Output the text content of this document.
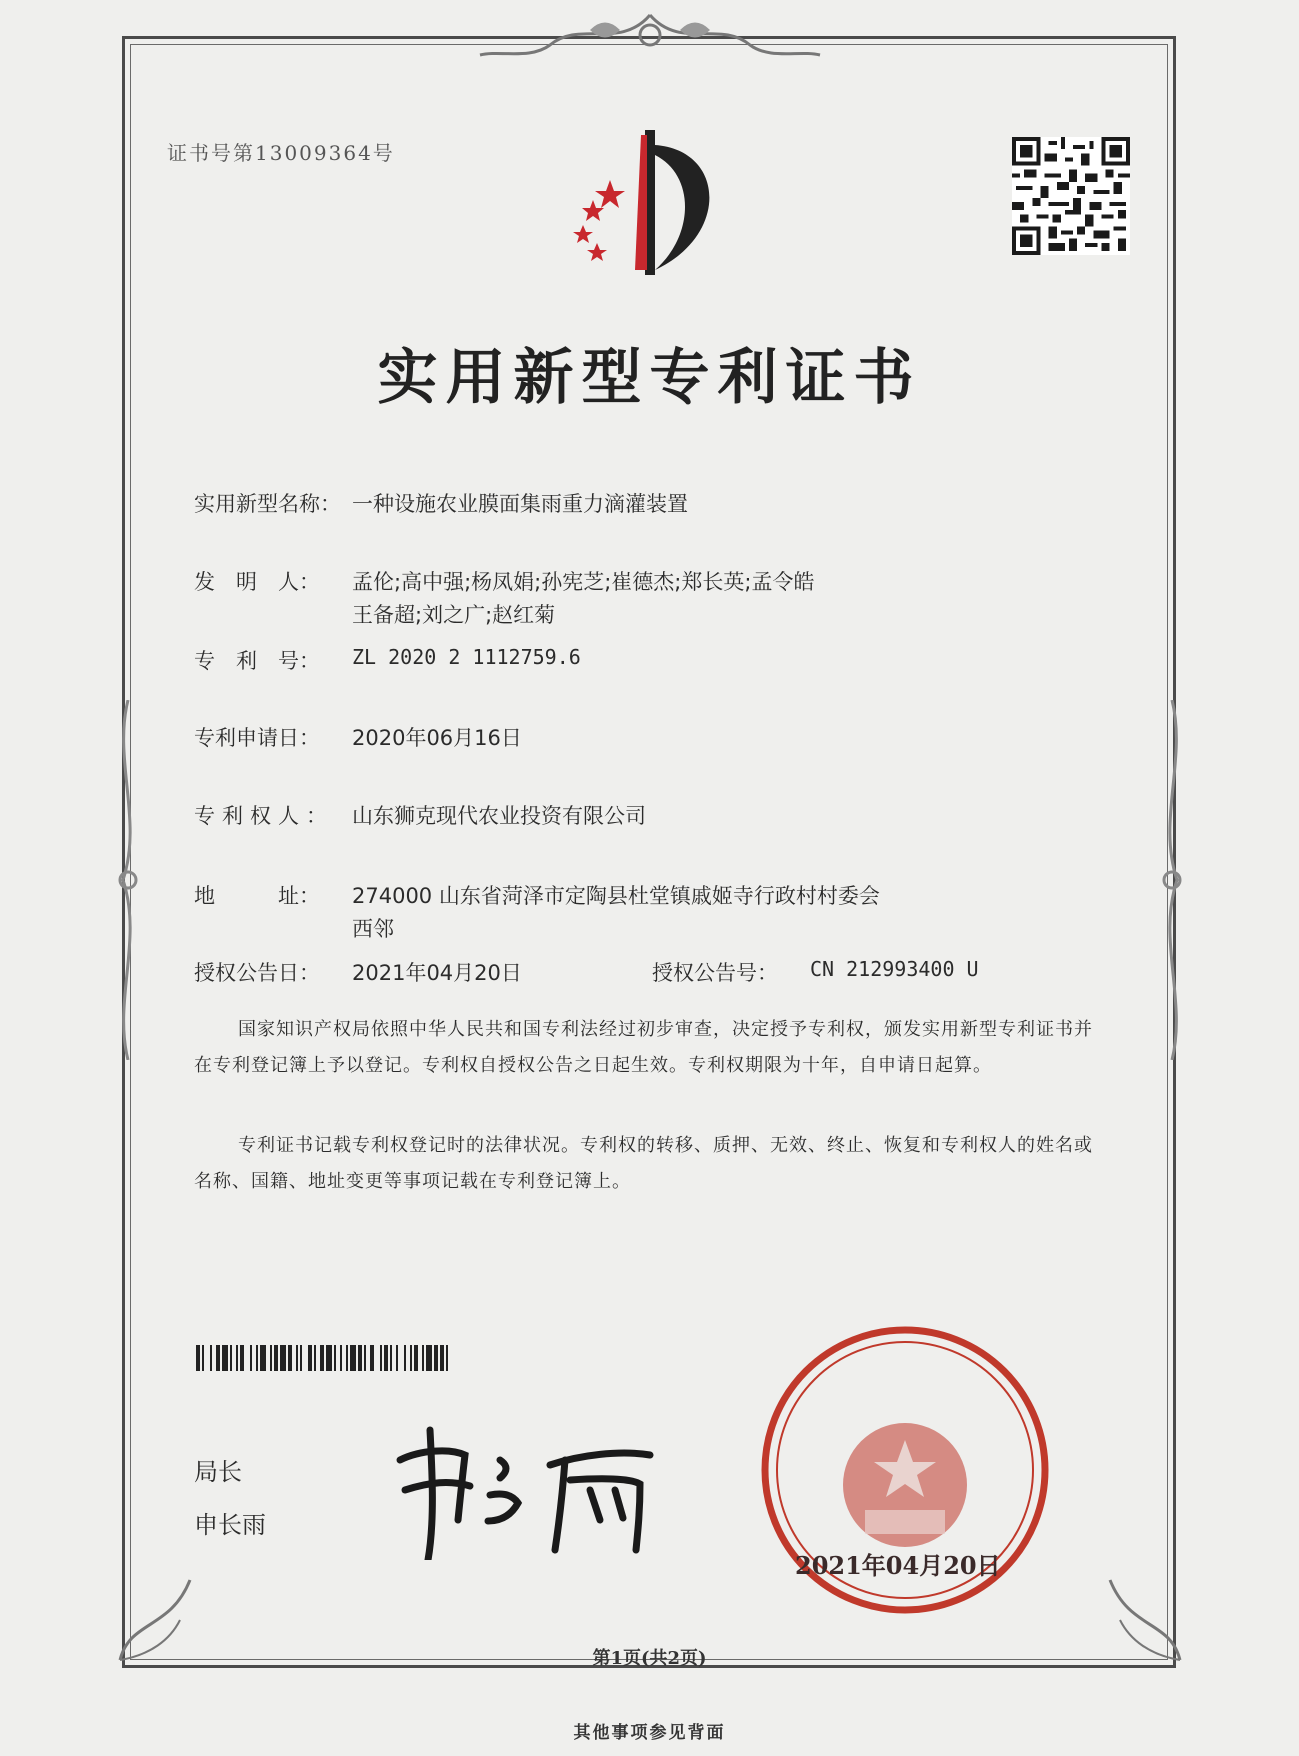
证书号第13009364号
实用新型专利证书
实用新型名称： 一种设施农业膜面集雨重力滴灌装置
发　明　人： 孟伦;高中强;杨凤娟;孙宪芝;崔德杰;郑长英;孟令皓
王备超;刘之广;赵红菊
专　利　号： ZL 2020 2 1112759.6
专利申请日： 2020年06月16日
专利权人： 山东狮克现代农业投资有限公司
地　　　址： 274000 山东省菏泽市定陶县杜堂镇戚姬寺行政村村委会
西邻
授权公告日： 2021年04月20日	授权公告号： CN 212993400 U
国家知识产权局依照中华人民共和国专利法经过初步审查，决定授予专利权，颁发实用新型专利证书并在专利登记簿上予以登记。专利权自授权公告之日起生效。专利权期限为十年，自申请日起算。
专利证书记载专利权登记时的法律状况。专利权的转移、质押、无效、终止、恢复和专利权人的姓名或名称、国籍、地址变更等事项记载在专利登记簿上。
局长
申长雨
2021年04月20日
第1页(共2页)
其他事项参见背面
